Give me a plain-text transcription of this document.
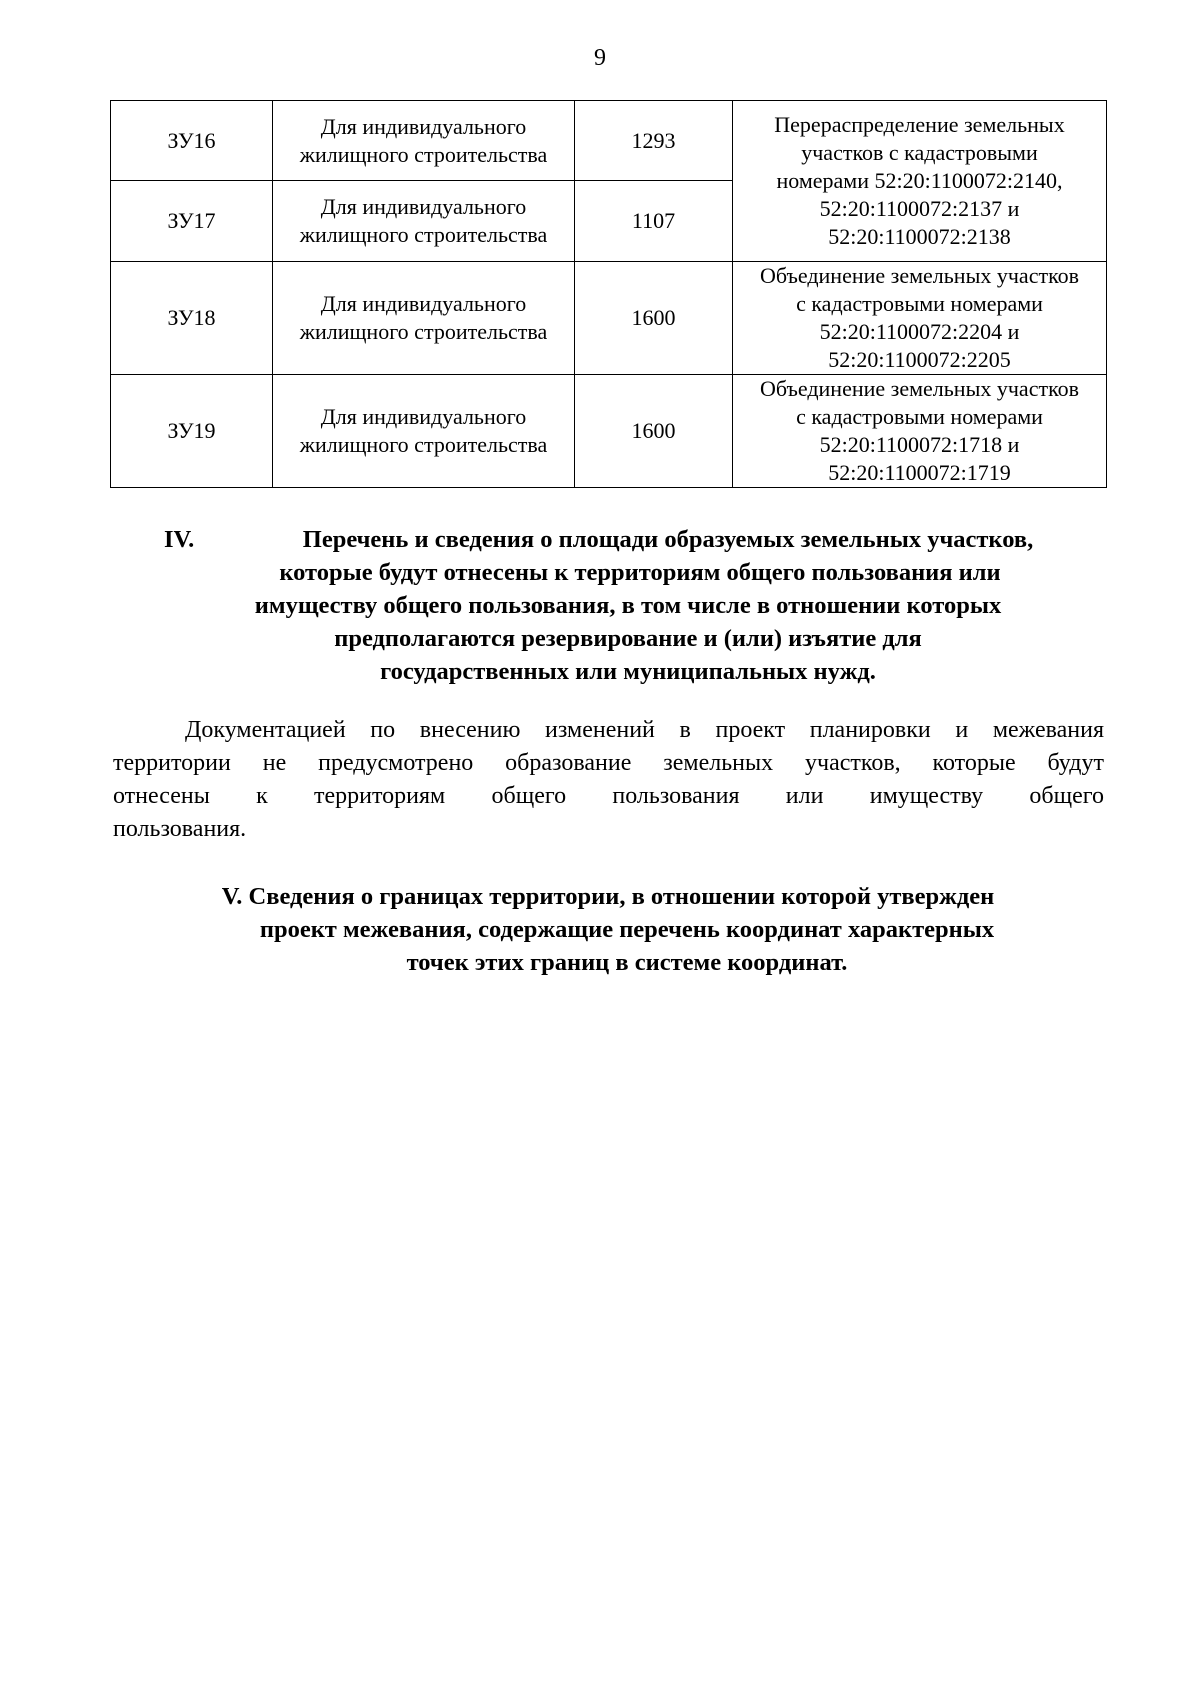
9
ЗУ16	Для индивидуального
жилищного строительства	1293	Перераспределение земельных
участков с кадастровыми
номерами 52:20:1100072:2140,
52:20:1100072:2137 и
52:20:1100072:2138

ЗУ17	Для индивидуального
жилищного строительства	1107	
ЗУ18	Для индивидуального
жилищного строительства	1600	Объединение земельных участков
с кадастровыми номерами
52:20:1100072:2204 и
52:20:1100072:2205

ЗУ19	Для индивидуального
жилищного строительства	1600	Объединение земельных участков
с кадастровыми номерами
52:20:1100072:1718 и
52:20:1100072:1719
IV.	Перечень и сведения о площади образуемых земельных участков,
которые будут отнесены к территориям общего пользования или
имуществу общего пользования, в том числе в отношении которых
предполагаются резервирование и (или) изъятие для
государственных или муниципальных нужд.
Документацией по внесению изменений в проект планировки и межевания
территории не предусмотрено образование земельных участков, которые будут
отнесены к территориям общего пользования или имуществу общего
пользования.
V. Сведения о границах территории, в отношении которой утвержден
проект межевания, содержащие перечень координат характерных
точек этих границ в системе координат.
